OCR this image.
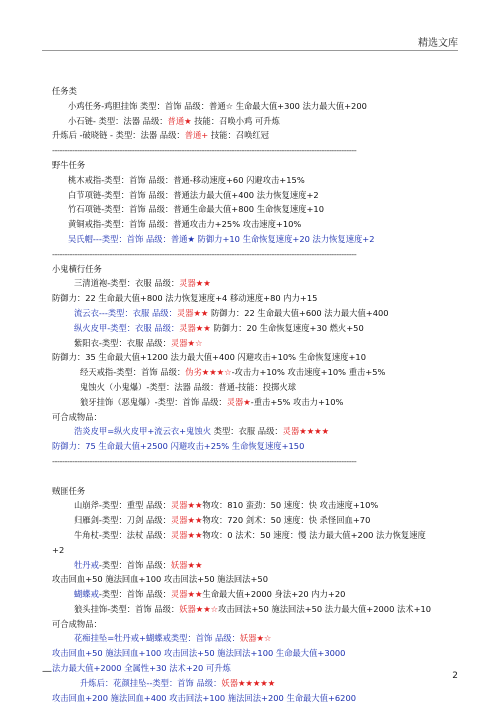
精选文库
任务类
小鸡任务-鸡胆挂饰 类型：首饰 品级：普通☆ 生命最大值+300 法力最大值+200
小石链- 类型：法器 品级：普通★ 技能：召唤小鸡 可升炼
升炼后 -破晓链 - 类型：法器 品级：普通+ 技能：召唤红冠
--------------------------------------------------------------------------------------------------------------------------
野牛任务
桃木戒指-类型：首饰 品级：普通-移动速度+60 闪避攻击+15%
白节项链-类型：首饰 品级：普通法力最大值+400 法力恢复速度+2
竹石项链-类型：首饰 品级：普通生命最大值+800 生命恢复速度+10
黄铜戒指-类型：首饰 品级：普通攻击力+25% 攻击速度+10%
吴氏帽---类型：首饰 品级：普通★ 防御力+10 生命恢复速度+20 法力恢复速度+2
--------------------------------------------------------------------------------------------------------------------------
小鬼横行任务
三清道袍-类型：衣服 品级：灵器★★
防御力：22 生命最大值+800 法力恢复速度+4 移动速度+80 内力+15
流云衣---类型：衣服 品级：灵器★★ 防御力：22 生命最大值+600 法力最大值+400
纵火皮甲-类型：衣服 品级：灵器★★ 防御力：20 生命恢复速度+30 燃火+50
紫阳衣-类型：衣服 品级：灵器★☆
防御力：35 生命最大值+1200 法力最大值+400 闪避攻击+10% 生命恢复速度+10
经天戒指-类型：首饰 品级：伪劣★★★☆-攻击力+10% 攻击速度+10% 重击+5%
鬼蚀火（小鬼爆）-类型：法器 品级：普通-技能：投掷火球
狼牙挂饰（恶鬼爆）-类型：首饰 品级：灵器★-重击+5% 攻击力+10%
可合成物品：
浩炎皮甲=纵火皮甲+流云衣+鬼蚀火 类型：衣服 品级：灵器★★★★
防御力：75 生命最大值+2500 闪避攻击+25% 生命恢复速度+150
--------------------------------------------------------------------------------------------------------------------------
贼匪任务
山崩斧-类型：重型 品级：灵器★★物攻：810 蛮劲：50 速度：快 攻击速度+10%
归雁剑-类型：刀剑 品级：灵器★★物攻：720 剑术：50 速度：快 杀怪回血+70
牛角杖-类型：法杖 品级：灵器★★物攻：0 法术：50 速度：慢 法力最大值+200 法力恢复速度
+2
牡丹戒-类型：首饰 品级：妖器★★
攻击回血+50 施法回血+100 攻击回法+50 施法回法+50
蝴蝶戒-类型：首饰 品级：灵器★★生命最大值+2000 身法+20 内力+20
狼头挂饰-类型：首饰 品级：妖器★★☆攻击回法+50 施法回法+50 法力最大值+2000 法术+10
可合成物品：
花痴挂坠=牡丹戒+蝴蝶戒类型：首饰 品级：妖器★☆
攻击回血+50 施法回血+100 攻击回法+50 施法回法+100 生命最大值+3000
法力最大值+2000 全属性+30 法术+20 可升炼
升炼后：花颜挂坠--类型：首饰 品级：妖器★★★★★
攻击回血+200 施法回血+400 攻击回法+100 施法回法+200 生命最大值+6200
—	2
